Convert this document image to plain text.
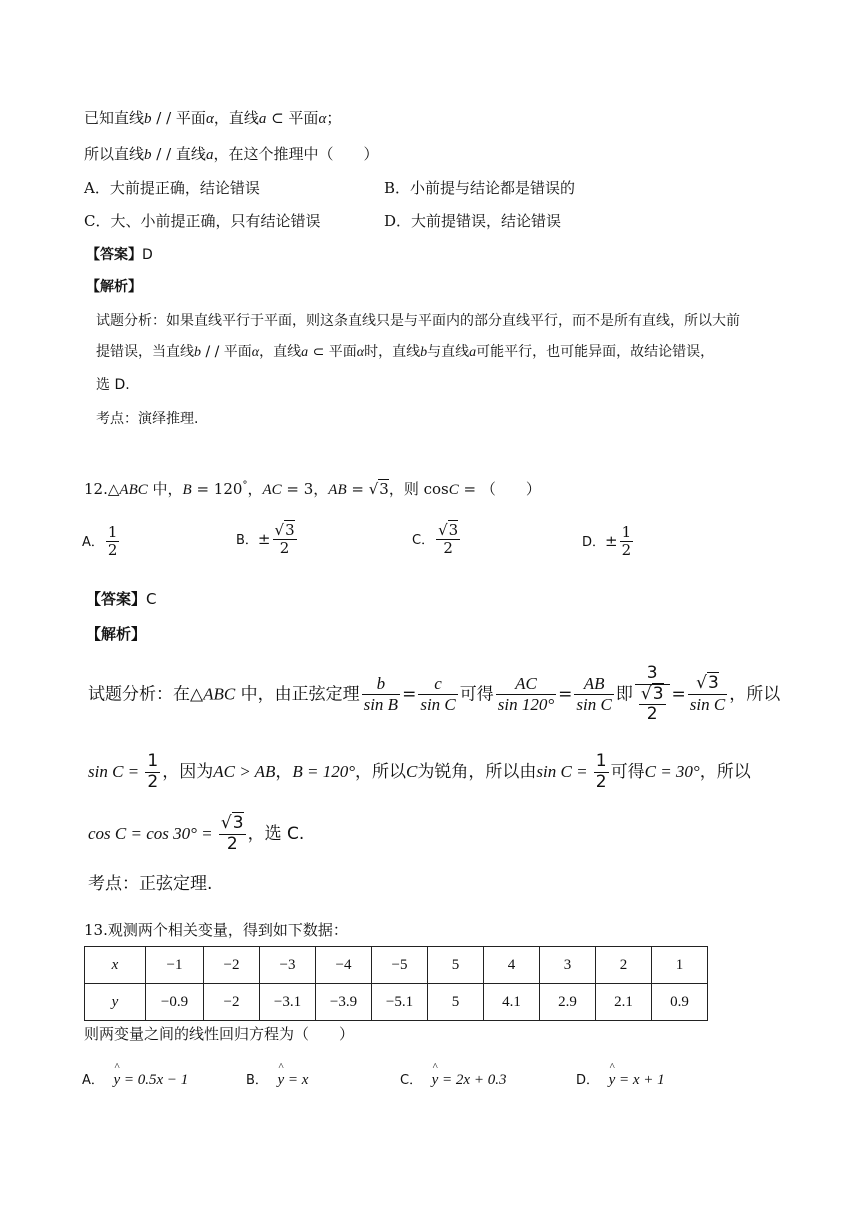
已知直线b / / 平面α，直线a ⊂ 平面α；
所以直线b / / 直线a，在这个推理中（　　）
A．大前提正确，结论错误	B．小前提与结论都是错误的
C．大、小前提正确，只有结论错误	D．大前提错误，结论错误
【答案】D
【解析】
试题分析：如果直线平行于平面，则这条直线只是与平面内的部分直线平行，而不是所有直线，所以大前
提错误，当直线b / / 平面α，直线a ⊂ 平面α时，直线b与直线a可能平行，也可能异面，故结论错误，
选 D.
考点：演绎推理.
12.△ABC 中，B = 120°，AC = 3，AB = √3，则 cosC = （　　）
A． $\frac{1}{2}$	B．± $\frac{√3}{2}$	C． $\frac{√3}{2}$	D．± $\frac{1}{2}$
【答案】C
【解析】
试题分析：在△ABC 中，由正弦定理 $\frac{b}{\text{sin B}} = \frac{c}{\text{sin C}}$ 可得 $\frac{AC}{\sin 120^\circ} = \frac{AB}{\text{sin C}}$ 即 $\frac{3}{\frac{√3}{2}} = \frac{√3}{\text{sin C}}$ ，所以
$\sin C = \frac{1}{2}$ ，因为AC > AB，B = 120°，所以C为锐角，所以由$\sin C = \frac{1}{2}$ 可得C = 30°，所以
$\cos C = \cos 30^\circ = \frac{√3}{2}$ ，选 C.
考点：正弦定理.
13.观测两个相关变量，得到如下数据：
x	−1	−2	−3	−4	−5	5	4	3	2	1
y	−0.9	−2	−3.1	−3.9	−5.1	5	4.1	2.9	2.1	0.9
则两变量之间的线性回归方程为（　　）
A． ^ y = 0.5x − 1	B． ^ y = x	C． ^ y = 2x + 0.3	D． ^ y = x + 1
